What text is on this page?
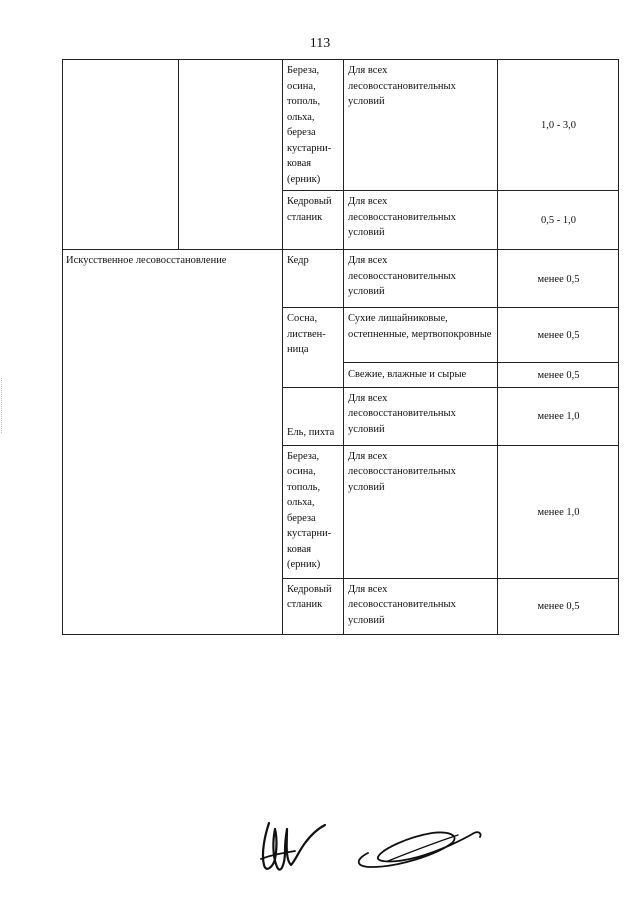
113
		Береза, осина, тополь, ольха, береза кустарни-ковая (ерник)	Для всех лесовосстановительных условий	1,0 - 3,0
		Кедровый стланик	Для всех лесовосстановительных условий	0,5 - 1,0
Искусственное лесовосстановление		Кедр	Для всех лесовосстановительных условий	менее 0,5
		Сосна, листвен-ница	Сухие лишайниковые, остепненные, мертвопокровные	менее 0,5
			Свежие, влажные и сырые	менее 0,5
		Ель, пихта	Для всех лесовосстановительных условий	менее 1,0
		Береза, осина, тополь, ольха, береза кустарни-ковая (ерник)	Для всех лесовосстановительных условий	менее 1,0
		Кедровый стланик	Для всех лесовосстановительных условий	менее 0,5
